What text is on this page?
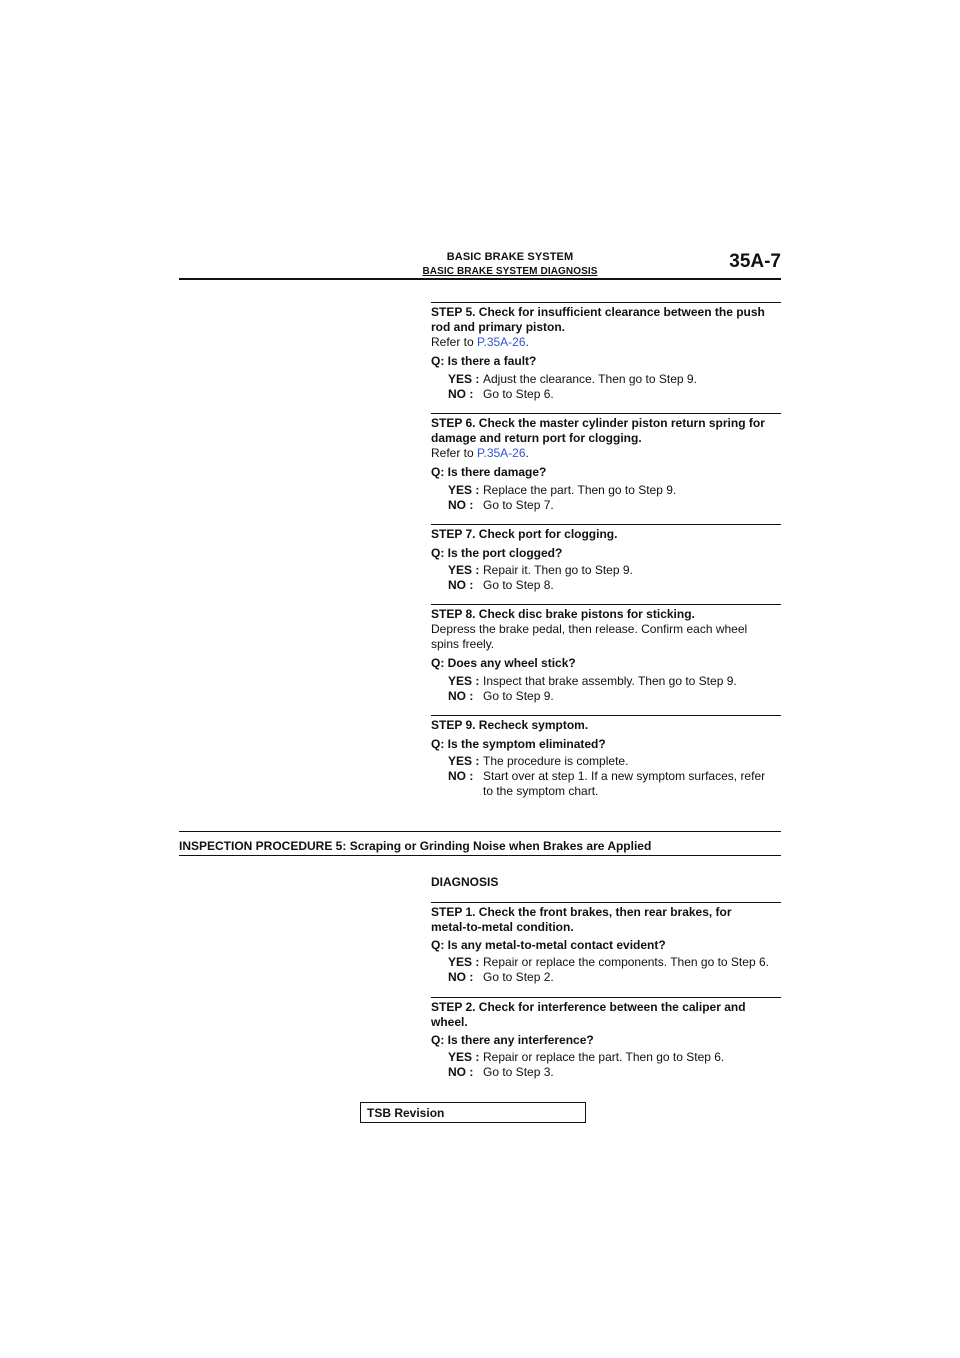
BASIC BRAKE SYSTEM
BASIC BRAKE SYSTEM DIAGNOSIS	35A-7
STEP 5. Check for insufficient clearance between the push
rod and primary piston.
Refer to P.35A-26.
Q: Is there a fault?
YES : Adjust the clearance. Then go to Step 9.
NO : Go to Step 6.
STEP 6. Check the master cylinder piston return spring for
damage and return port for clogging.
Refer to P.35A-26.
Q: Is there damage?
YES : Replace the part. Then go to Step 9.
NO : Go to Step 7.
STEP 7. Check port for clogging.
Q: Is the port clogged?
YES : Repair it. Then go to Step 9.
NO : Go to Step 8.
STEP 8. Check disc brake pistons for sticking.
Depress the brake pedal, then release. Confirm each wheel
spins freely.
Q: Does any wheel stick?
YES : Inspect that brake assembly. Then go to Step 9.
NO : Go to Step 9.
STEP 9. Recheck symptom.
Q: Is the symptom eliminated?
YES : The procedure is complete.
NO : Start over at step 1. If a new symptom surfaces, refer
to the symptom chart.
INSPECTION PROCEDURE 5: Scraping or Grinding Noise when Brakes are Applied
DIAGNOSIS
STEP 1. Check the front brakes, then rear brakes, for
metal-to-metal condition.
Q: Is any metal-to-metal contact evident?
YES : Repair or replace the components. Then go to Step 6.
NO : Go to Step 2.
STEP 2. Check for interference between the caliper and
wheel.
Q: Is there any interference?
YES : Repair or replace the part. Then go to Step 6.
NO : Go to Step 3.
TSB Revision
